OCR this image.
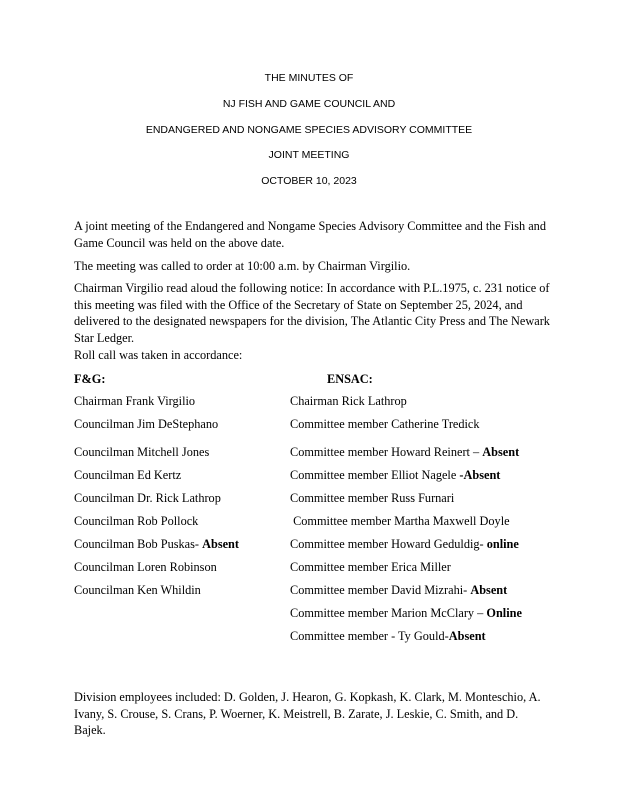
THE MINUTES OF
NJ FISH AND GAME COUNCIL AND
ENDANGERED AND NONGAME SPECIES ADVISORY COMMITTEE
JOINT MEETING
OCTOBER 10, 2023

A joint meeting of the Endangered and Nongame Species Advisory Committee and the Fish and Game Council was held on the above date.

The meeting was called to order at 10:00 a.m. by Chairman Virgilio.

Chairman Virgilio read aloud the following notice: In accordance with P.L.1975, c. 231 notice of this meeting was filed with the Office of the Secretary of State on September 25, 2024, and delivered to the designated newspapers for the division, The Atlantic City Press and The Newark Star Ledger.

Roll call was taken in accordance:

F&G:	ENSAC:
Chairman Frank Virgilio
Councilman Jim DeStephano
Councilman Mitchell Jones
Councilman Ed Kertz
Councilman Dr. Rick Lathrop
Councilman Rob Pollock
Councilman Bob Puskas- Absent
Councilman Loren Robinson
Councilman Ken Whildin
Chairman Rick Lathrop
Committee member Catherine Tredick
Committee member Howard Reinert – Absent
Committee member Elliot Nagele -Absent
Committee member Russ Furnari
Committee member Martha Maxwell Doyle
Committee member Howard Geduldig- online
Committee member Erica Miller
Committee member David Mizrahi- Absent
Committee member Marion McClary – Online
Committee member - Ty Gould-Absent

Division employees included: D. Golden, J. Hearon, G. Kopkash, K. Clark, M. Monteschio, A. Ivany, S. Crouse, S. Crans, P. Woerner, K. Meistrell, B. Zarate, J. Leskie, C. Smith, and D. Bajek.
